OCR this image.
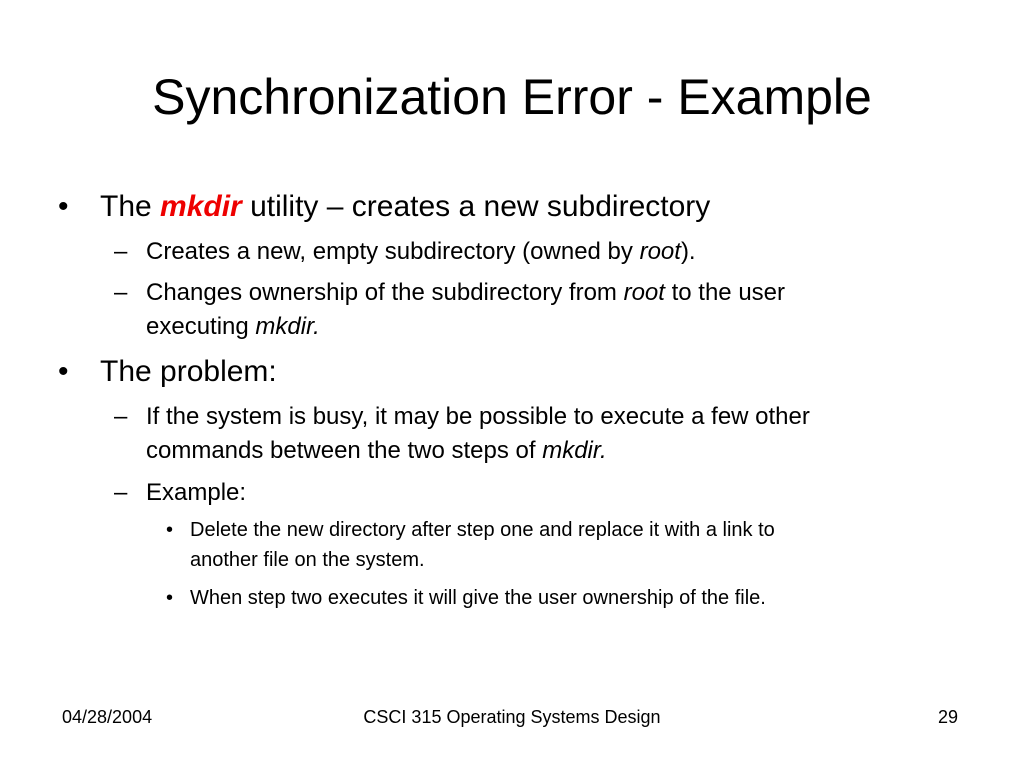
Synchronization Error - Example
• The mkdir utility – creates a new subdirectory
– Creates a new, empty subdirectory (owned by root).
– Changes ownership of the subdirectory from root to the user
executing mkdir.
• The problem:
– If the system is busy, it may be possible to execute a few other
commands between the two steps of mkdir.
– Example:
• Delete the new directory after step one and replace it with a link to
another file on the system.
• When step two executes it will give the user ownership of the file.
04/28/2004	CSCI 315 Operating Systems Design	29
